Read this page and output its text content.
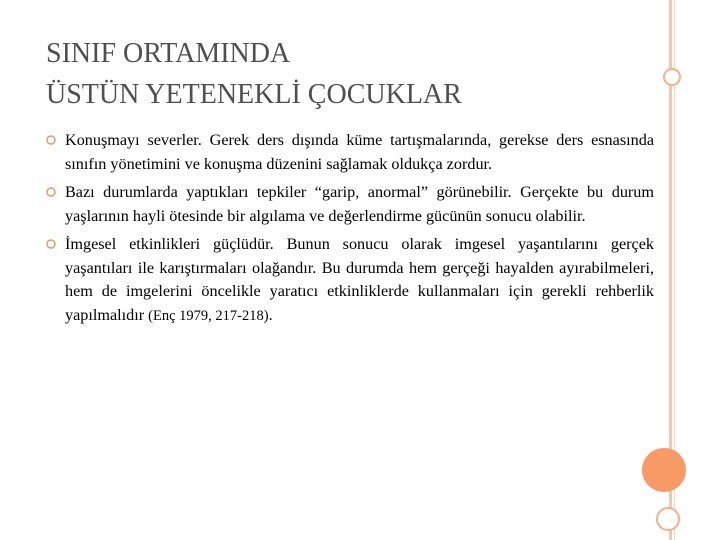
SINIF ORTAMINDA
ÜSTÜN YETENEKLİ ÇOCUKLAR
Konuşmayı severler. Gerek ders dışında küme tartışmalarında, gerekse ders esnasında sınıfın yönetimini ve konuşma düzenini sağlamak oldukça zordur.
Bazı durumlarda yaptıkları tepkiler “garip, anormal” görünebilir. Gerçekte bu durum yaşlarının hayli ötesinde bir algılama ve değerlendirme gücünün sonucu olabilir.
İmgesel etkinlikleri güçlüdür. Bunun sonucu olarak imgesel yaşantılarını gerçek yaşantıları ile karıştırmaları olağandır. Bu durumda hem gerçeği hayalden ayırabilmeleri, hem de imgelerini öncelikle yaratıcı etkinliklerde kullanmaları için gerekli rehberlik yapılmalıdır (Enç 1979, 217-218).
